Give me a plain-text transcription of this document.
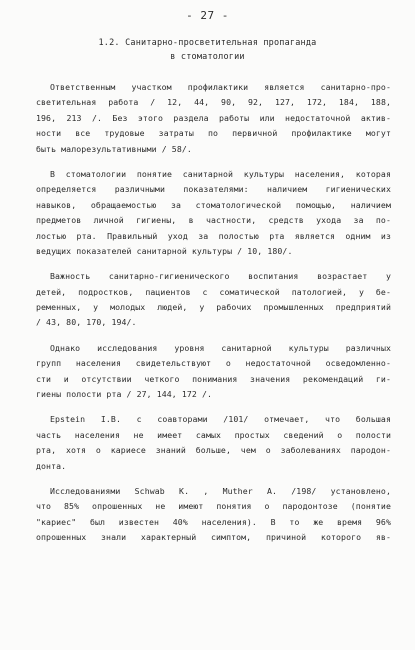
- 27 -
1.2. Санитарно-просветительная пропаганда
в стоматологии
Ответственным участком профилактики является санитарно-про-
светительная работа / 12, 44, 90, 92, 127, 172, 184, 188,
196, 213 /. Без этого раздела работы или недостаточной актив-
ности все трудовые затраты по первичной профилактике могут
быть малорезультативными / 58/.
В стоматологии понятие санитарной культуры населения, которая
определяется различными показателями: наличием гигиенических
навыков, обращаемостью за стоматологической помощью, наличием
предметов личной гигиены, в частности, средств ухода за по-
лостью рта. Правильный уход за полостью рта является одним из
ведущих показателей санитарной культуры / 10, 180/.
Важность санитарно-гигиенического воспитания возрастает у
детей, подростков, пациентов с соматической патологией, у бе-
ременных, у молодых людей, у рабочих промышленных предприятий
/ 43, 80, 170, 194/.
Однако исследования уровня санитарной культуры различных
групп населения свидетельствуют о недостаточной осведомленно-
сти и отсутствии четкого понимания значения рекомендаций ги-
гиены полости рта / 27, 144, 172 /.
Epstein I.B. с соавторами /101/ отмечает, что большая
часть населения не имеет самых простых сведений о полости
рта, хотя о кариесе знаний больше, чем о заболеваниях пародон-
донта.
Исследованиями Schwab K. , Muther A. /198/ установлено,
что 85% опрошенных не имеют понятия о пародонтозе (понятие
"кариес" был известен 40% населения). В то же время 96%
опрошенных знали характерный симптом, причиной которого яв-
